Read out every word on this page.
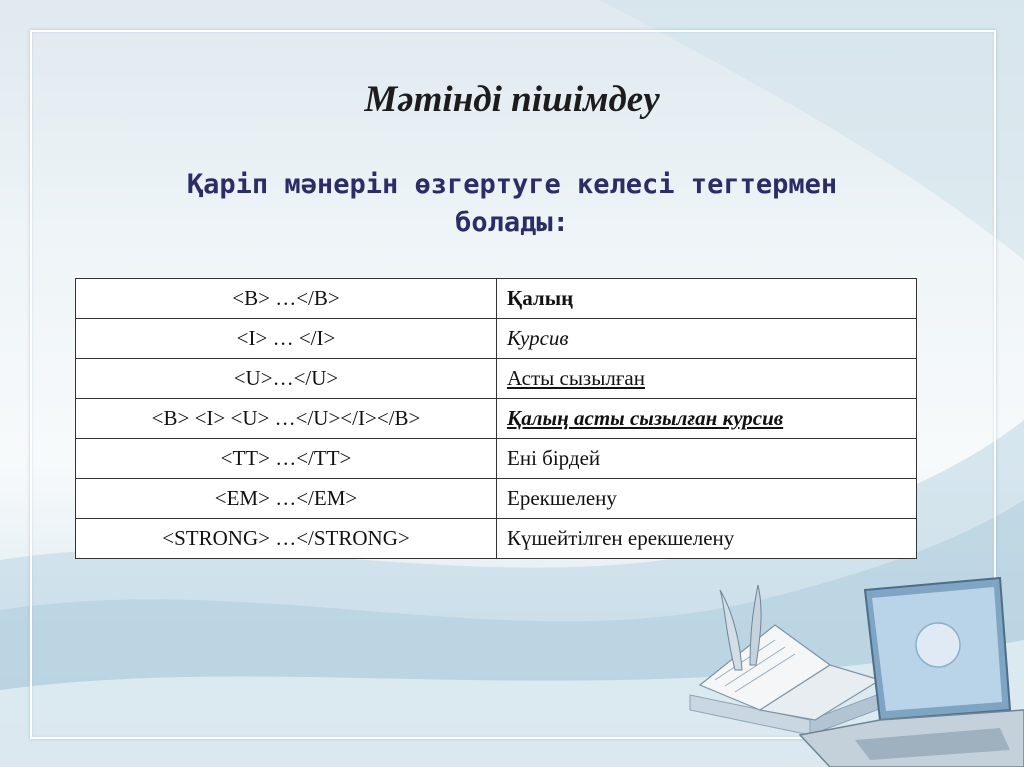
Мәтінді пішімдеу
Қаріп мәнерін өзгертуге келесі тегтермен
болады:
<B> …</B>	Қалың
<I> … </I>	Курсив
<U>…</U>	Асты сызылған
<B> <I> <U> …</U></I></B>	Қалың асты сызылған курсив
<TT> …</TT>	Ені бірдей
<EM> …</EM>	Ерекшелену
<STRONG> …</STRONG>	Күшейтілген ерекшелену
